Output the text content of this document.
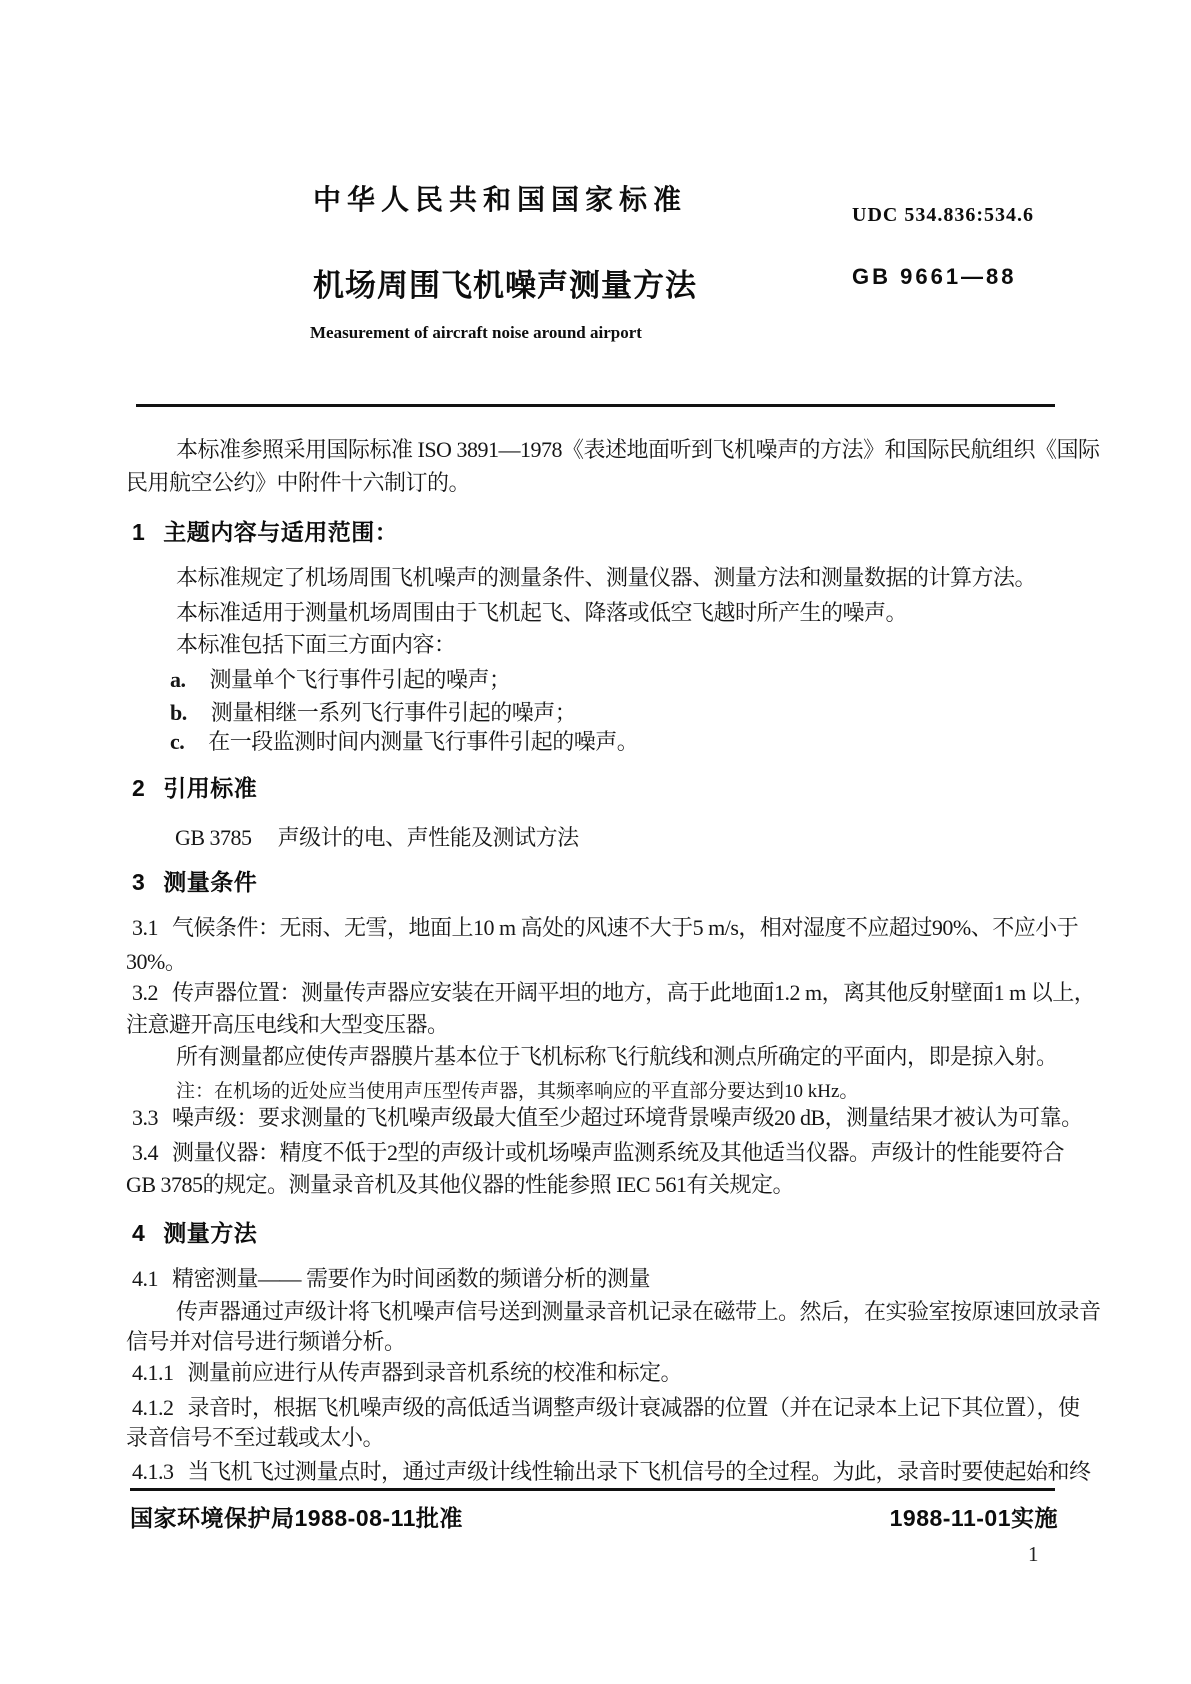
中华人民共和国国家标准	UDC 534.836:534.6
机场周围飞机噪声测量方法	GB 9661—88
Measurement of aircraft noise around airport
本标准参照采用国际标准 ISO 3891—1978《表述地面听到飞机噪声的方法》和国际民航组织《国际
民用航空公约》中附件十六制订的。
1 主题内容与适用范围：
本标准规定了机场周围飞机噪声的测量条件、测量仪器、测量方法和测量数据的计算方法。
本标准适用于测量机场周围由于飞机起飞、降落或低空飞越时所产生的噪声。
本标准包括下面三方面内容：
a. 测量单个飞行事件引起的噪声；
b. 测量相继一系列飞行事件引起的噪声；
c. 在一段监测时间内测量飞行事件引起的噪声。
2 引用标准
GB 3785 声级计的电、声性能及测试方法
3 测量条件
3.1 气候条件：无雨、无雪，地面上10 m 高处的风速不大于5 m/s，相对湿度不应超过90%、不应小于
30%。
3.2 传声器位置：测量传声器应安装在开阔平坦的地方，高于此地面1.2 m，离其他反射壁面1 m 以上，
注意避开高压电线和大型变压器。
所有测量都应使传声器膜片基本位于飞机标称飞行航线和测点所确定的平面内，即是掠入射。
注：在机场的近处应当使用声压型传声器，其频率响应的平直部分要达到10 kHz。
3.3 噪声级：要求测量的飞机噪声级最大值至少超过环境背景噪声级20 dB，测量结果才被认为可靠。
3.4 测量仪器：精度不低于2型的声级计或机场噪声监测系统及其他适当仪器。声级计的性能要符合
GB 3785的规定。测量录音机及其他仪器的性能参照 IEC 561有关规定。
4 测量方法
4.1 精密测量—— 需要作为时间函数的频谱分析的测量
传声器通过声级计将飞机噪声信号送到测量录音机记录在磁带上。然后，在实验室按原速回放录音
信号并对信号进行频谱分析。
4.1.1 测量前应进行从传声器到录音机系统的校准和标定。
4.1.2 录音时，根据飞机噪声级的高低适当调整声级计衰减器的位置（并在记录本上记下其位置），使
录音信号不至过载或太小。
4.1.3 当飞机飞过测量点时，通过声级计线性输出录下飞机信号的全过程。为此，录音时要使起始和终
国家环境保护局1988-08-11批准	1988-11-01实施
1
